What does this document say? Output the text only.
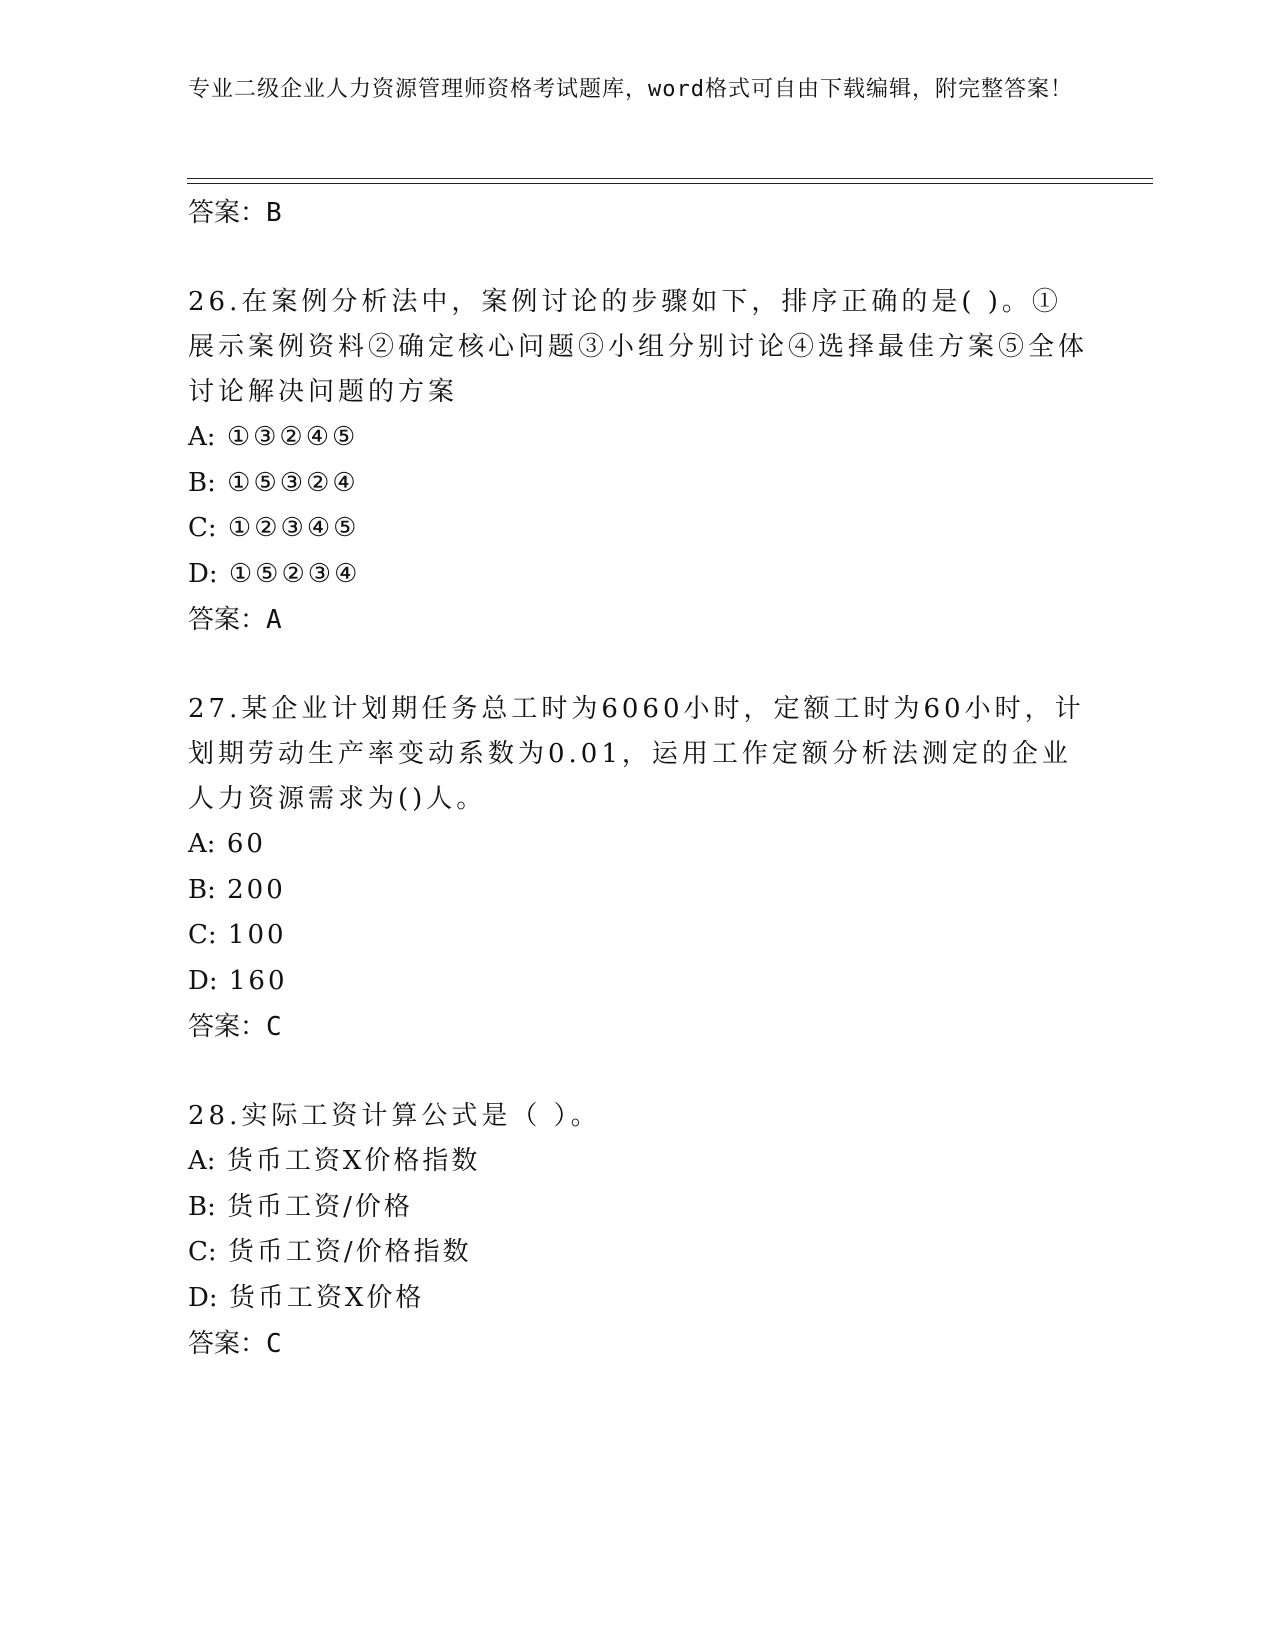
专业二级企业人力资源管理师资格考试题库，word格式可自由下载编辑，附完整答案！
答案：B
26.在案例分析法中，案例讨论的步骤如下，排序正确的是( )。①展示案例资料②确定核心问题③小组分别讨论④选择最佳方案⑤全体讨论解决问题的方案
A: ①③②④⑤
B: ①⑤③②④
C: ①②③④⑤
D: ①⑤②③④
答案：A
27.某企业计划期任务总工时为6060小时，定额工时为60小时，计划期劳动生产率变动系数为0.01，运用工作定额分析法测定的企业人力资源需求为()人。
A: 60
B: 200
C: 100
D: 160
答案：C
28.实际工资计算公式是（ ）。
A: 货币工资X价格指数
B: 货币工资/价格
C: 货币工资/价格指数
D: 货币工资X价格
答案：C
